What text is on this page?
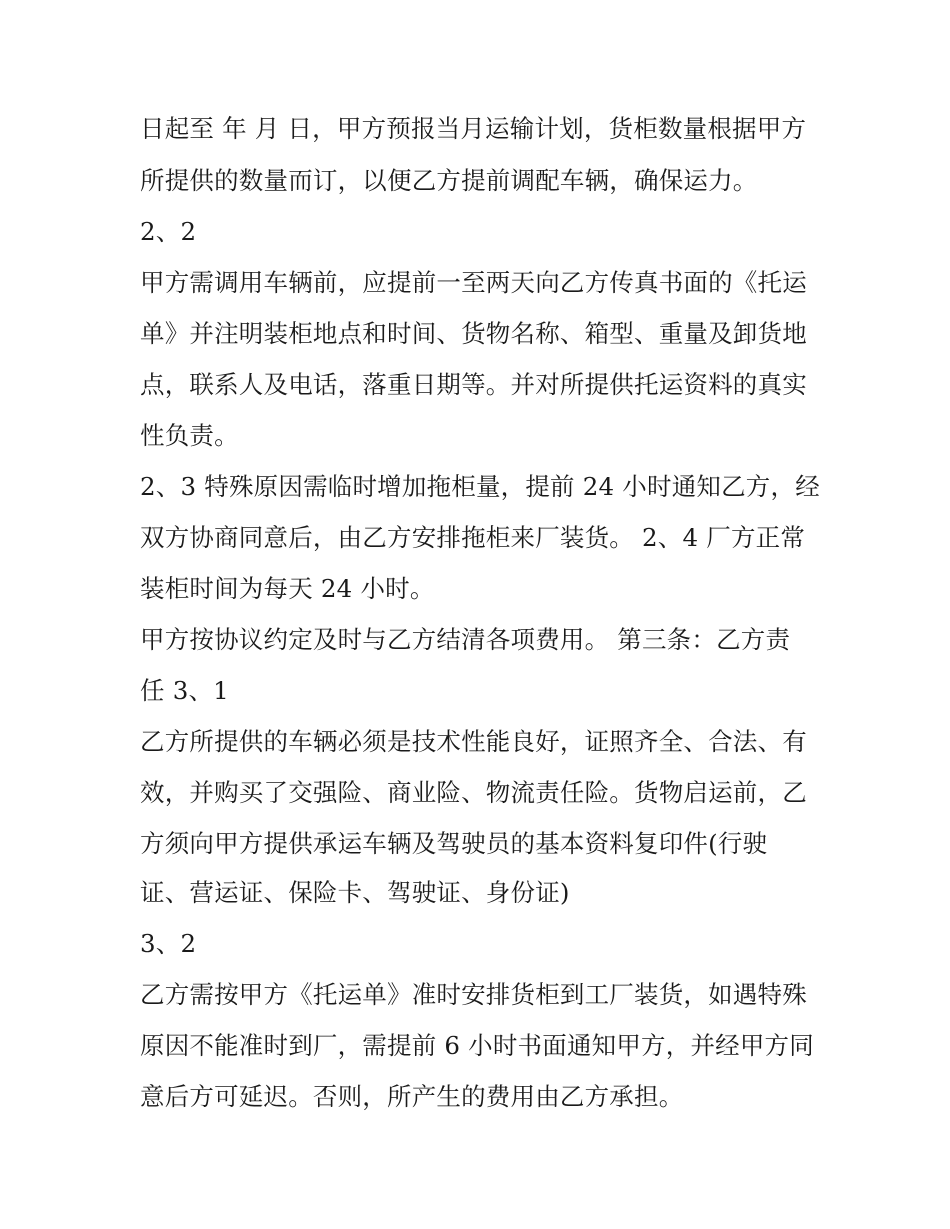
日起至 年 月 日，甲方预报当月运输计划，货柜数量根据甲方
所提供的数量而订，以便乙方提前调配车辆，确保运力。
2、2
甲方需调用车辆前，应提前一至两天向乙方传真书面的《托运
单》并注明装柜地点和时间、货物名称、箱型、重量及卸货地
点，联系人及电话，落重日期等。并对所提供托运资料的真实
性负责。
2、3 特殊原因需临时增加拖柜量，提前 24 小时通知乙方，经
双方协商同意后，由乙方安排拖柜来厂装货。 2、4 厂方正常
装柜时间为每天 24 小时。
甲方按协议约定及时与乙方结清各项费用。 第三条：乙方责
任 3、1
乙方所提供的车辆必须是技术性能良好，证照齐全、合法、有
效，并购买了交强险、商业险、物流责任险。货物启运前，乙
方须向甲方提供承运车辆及驾驶员的基本资料复印件(行驶
证、营运证、保险卡、驾驶证、身份证)
3、2
乙方需按甲方《托运单》准时安排货柜到工厂装货，如遇特殊
原因不能准时到厂，需提前 6 小时书面通知甲方，并经甲方同
意后方可延迟。否则，所产生的费用由乙方承担。
